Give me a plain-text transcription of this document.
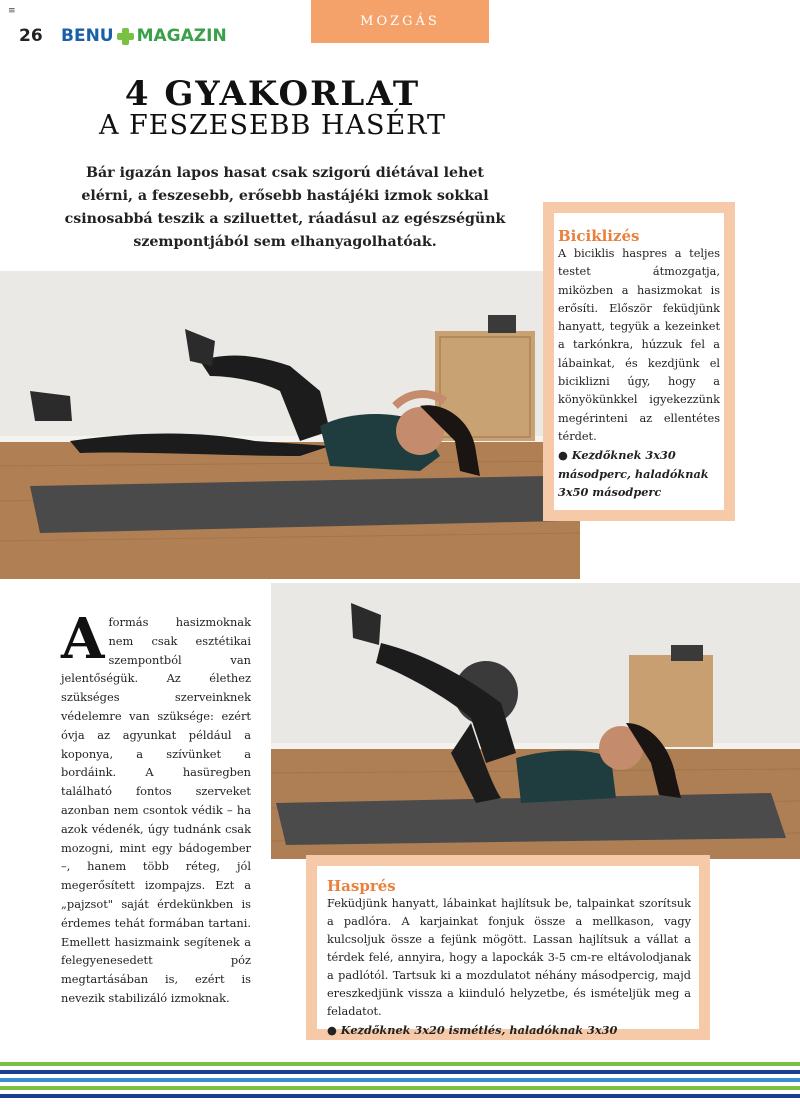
≡
26 BENU MAGAZIN
MOZGÁS
4 GYAKORLAT
A FESZESEBB HASÉRT
Bár igazán lapos hasat csak szigorú diétával lehet elérni, a feszesebb, erősebb hastájéki izmok sokkal csinosabbá teszik a sziluettet, ráadásul az egészségünk szempontjából sem elhanyagolhatóak.	Biciklizés
A biciklis haspres a teljes testet átmozgatja, miközben a hasizmokat is erősíti. Először feküdjünk hanyatt, tegyük a kezeinket a tarkónkra, húzzuk fel a lábainkat, és kezdjünk el biciklizni úgy, hogy a könyökünkkel igyekezzünk megérinteni az ellentétes térdet.
● Kezdőknek 3x30 másodperc, haladóknak 3x50 másodperc
A formás hasizmoknak nem csak esztétikai szempontból van jelentőségük. Az élethez szükséges szerveinknek védelemre van szüksége: ezért óvja az agyunkat például a koponya, a szívünket a bordáink. A hasüregben található fontos szerveket azonban nem csontok védik – ha azok védenék, úgy tudnánk csak mozogni, mint egy bádogember –, hanem több réteg, jól megerősített izompajzs. Ezt a „pajzsot" saját érdekünkben is érdemes tehát formában tartani. Emellett hasizmaink segítenek a felegyenesedett póz megtartásában is, ezért is nevezik stabilizáló izmoknak.
Hasprés
Feküdjünk hanyatt, lábainkat hajlítsuk be, talpainkat szorítsuk a padlóra. A karjainkat fonjuk össze a mellkason, vagy kulcsoljuk össze a fejünk mögött. Lassan hajlítsuk a vállat a térdek felé, annyira, hogy a lapockák 3-5 cm-re eltávolodjanak a padlótól. Tartsuk ki a mozdulatot néhány másodpercig, majd ereszkedjünk vissza a kiinduló helyzetbe, és ismételjük meg a feladatot.
● Kezdőknek 3x20 ismétlés, haladóknak 3x30
